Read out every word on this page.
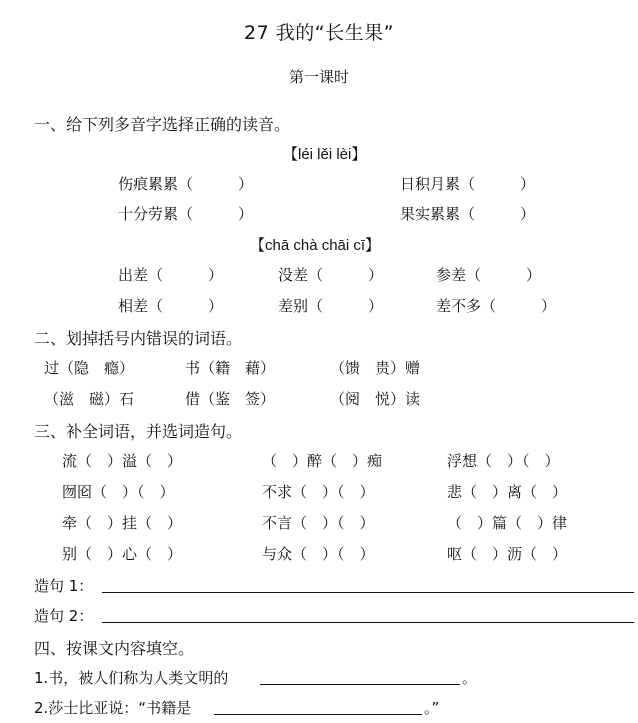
27 我的“长生果”
第一课时
一、给下列多音字选择正确的读音。
【léi lěi lèi】
伤痕累累（　　　）	日积月累（　　　）
十分劳累（　　　）	果实累累（　　　）
【chā chà chāi cī】
出差（　　　）	没差（　　　）	参差（　　　）
相差（　　　）	差别（　　　）	差不多（　　　）
二、划掉括号内错误的词语。
过（隐　瘾）	书（籍　藉）	（馈　贵）赠
（滋　磁）石	借（鉴　签）	（阅　悦）读
三、补全词语，并选词造句。
流（　）溢（　）	（　）醉（　）痴	浮想（　）（　）
囫囵（　）（　）	不求（　）（　）	悲（　）离（　）
牵（　）挂（　）	不言（　）（　）	（　）篇（　）律
别（　）心（　）	与众（　）（　）	呕（　）沥（　）
造句 1：
造句 2：
四、按课文内容填空。
1.书，被人们称为人类文明的	。
2.莎士比亚说：“书籍是	。”
